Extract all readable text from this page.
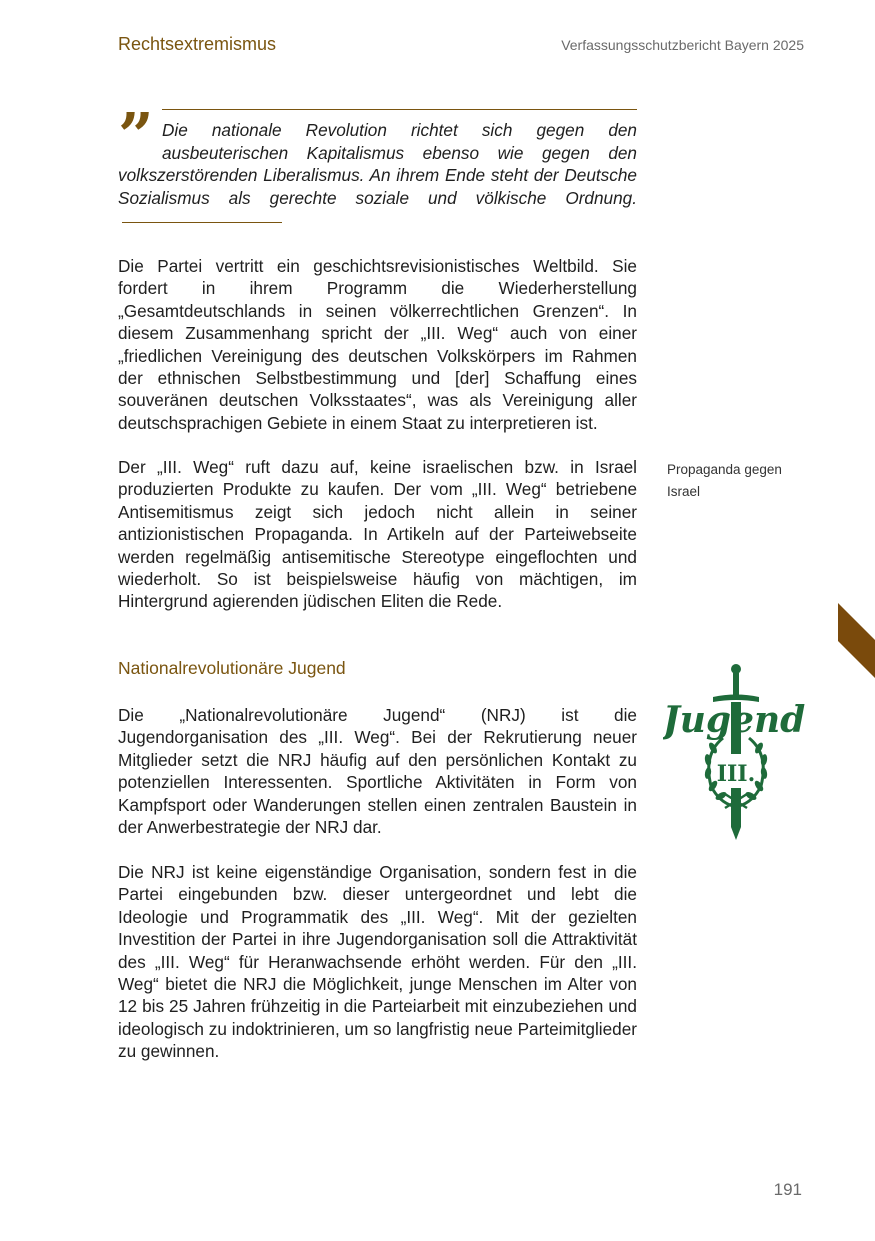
Rechtsextremismus	Verfassungsschutzbericht Bayern 2025
” Die nationale Revolution richtet sich gegen den ausbeuterischen Kapitalismus ebenso wie gegen den volkszerstörenden Liberalismus. An ihrem Ende steht der Deutsche Sozialismus als gerechte soziale und völkische Ordnung.

Die Partei vertritt ein geschichtsrevisionistisches Weltbild. Sie fordert in ihrem Programm die Wiederherstellung „Gesamtdeutschlands in seinen völkerrechtlichen Grenzen“. In diesem Zusammenhang spricht der „III. Weg“ auch von einer „friedlichen Vereinigung des deutschen Volkskörpers im Rahmen der ethnischen Selbstbestimmung und [der] Schaffung eines souveränen deutschen Volksstaates“, was als Vereinigung aller deutschsprachigen Gebiete in einem Staat zu interpretieren ist.

Der „III. Weg“ ruft dazu auf, keine israelischen bzw. in Israel produzierten Produkte zu kaufen. Der vom „III. Weg“ betriebene Antisemitismus zeigt sich jedoch nicht allein in seiner antizionistischen Propaganda. In Artikeln auf der Parteiwebseite werden regelmäßig antisemitische Stereotype eingeflochten und wiederholt. So ist beispielsweise häufig von mächtigen, im Hintergrund agierenden jüdischen Eliten die Rede.

Propaganda gegen
Israel
Nationalrevolutionäre Jugend

Die „Nationalrevolutionäre Jugend“ (NRJ) ist die Jugendorganisation des „III. Weg“. Bei der Rekrutierung neuer Mitglieder setzt die NRJ häufig auf den persönlichen Kontakt zu potenziellen Interessenten. Sportliche Aktivitäten in Form von Kampfsport oder Wanderungen stellen einen zentralen Baustein in der Anwerbestrategie der NRJ dar.

Die NRJ ist keine eigenständige Organisation, sondern fest in die Partei eingebunden bzw. dieser untergeordnet und lebt die Ideologie und Programmatik des „III. Weg“. Mit der gezielten Investition der Partei in ihre Jugendorganisation soll die Attraktivität des „III. Weg“ für Heranwachsende erhöht werden. Für den „III. Weg“ bietet die NRJ die Möglichkeit, junge Menschen im Alter von 12 bis 25 Jahren frühzeitig in die Parteiarbeit mit einzubeziehen und ideologisch zu indoktrinieren, um so langfristig neue Parteimitglieder zu gewinnen.

III.
Jugend
191
